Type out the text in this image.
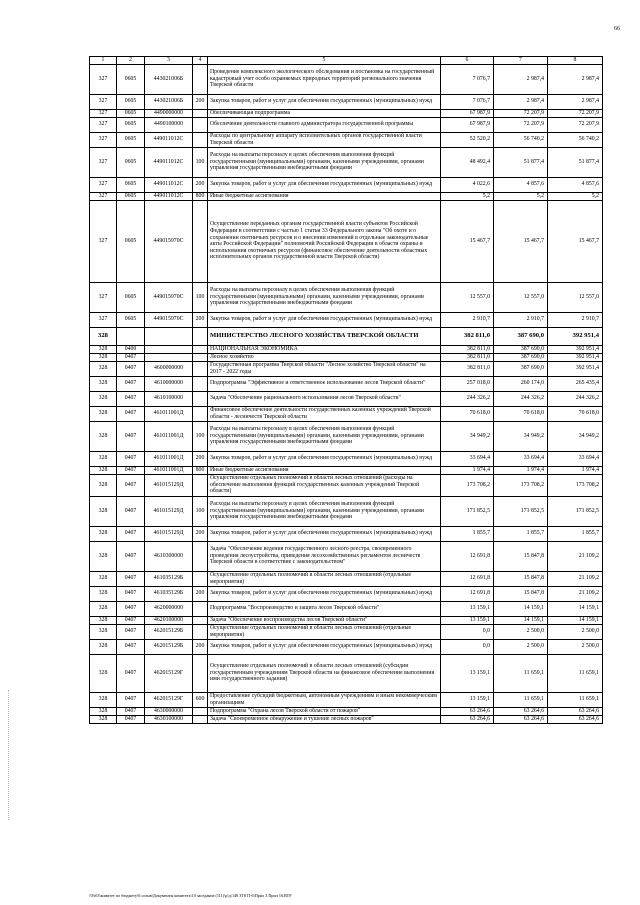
66
1	2	3	4	5	6	7	8
327	0605	443021006Б		Проведение комплексного экологического обследования и постановка на государственный кадастровый учет особо охраняемых природных территорий регионального значения Тверской области	7 076,7	2 987,4	2 987,4
327	0605	443021006Б	200	Закупка товаров, работ и услуг для обеспечения государственных (муниципальных) нужд	7 076,7	2 987,4	2 987,4
327	0605	4490000000		Обеспечивающая подпрограмма	67 987,9	72 207,9	72 207,9
327	0605	4490100000		Обеспечение деятельности главного администратора государственной программы	67 987,9	72 207,9	72 207,9
327	0605	449011012С		Расходы по центральному аппарату исполнительных органов государственной власти Тверской области	52 520,2	56 740,2	56 740,2
327	0605	449011012С	100	Расходы на выплаты персоналу в целях обеспечения выполнения функций государственными (муниципальными) органами, казенными учреждениями, органами управления государственными внебюджетными фондами	48 492,4	51 877,4	51 877,4
327	0605	449011012С	200	Закупка товаров, работ и услуг для обеспечения государственных (муниципальных) нужд	4 022,6	4 857,6	4 857,6
327	0605	449011012С	800	Иные бюджетные ассигнования	5,2	5,2	5,2
327	0605	449015970С		Осуществление переданных органам государственной власти субъектов Российской Федерации в соответствии с частью 1 статьи 33 Федерального закона "Об охоте и о сохранении охотничьих ресурсов и о внесении изменений в отдельные законодательные акты Российской Федерации" полномочий Российской Федерации в области охраны и использования охотничьих ресурсов (финансовое обеспечение деятельности областных исполнительных органов государственной власти Тверской области)	15 467,7	15 467,7	15 467,7
327	0605	449015970С	100	Расходы на выплаты персоналу в целях обеспечения выполнения функций государственными (муниципальными) органами, казенными учреждениями, органами управления государственными внебюджетными фондами	12 557,0	12 557,0	12 557,0
327	0605	449015970С	200	Закупка товаров, работ и услуг для обеспечения государственных (муниципальных) нужд	2 910,7	2 910,7	2 910,7
328				МИНИСТЕРСТВО ЛЕСНОГО ХОЗЯЙСТВА ТВЕРСКОЙ ОБЛАСТИ	382 811,0	387 690,0	392 951,4
328	0400			НАЦИОНАЛЬНАЯ ЭКОНОМИКА	382 811,0	387 690,0	392 951,4
328	0407			Лесное хозяйство	382 811,0	387 690,0	392 951,4
328	0407	4600000000		Государственная программа Тверской области "Лесное хозяйство Тверской области" на 2017 - 2022 годы	382 811,0	387 690,0	392 951,4
328	0407	4610000000		Подпрограмма "Эффективное и ответственное использование лесов Тверской области"	257 018,0	260 174,0	265 435,4
328	0407	4610100000		Задача "Обеспечение рационального использования лесов Тверской области"	244 326,2	244 326,2	244 326,2
328	0407	461011001Д		Финансовое обеспечение деятельности государственных казенных учреждений Тверской области - лесничеств Тверской области	70 618,0	70 618,0	70 618,0
328	0407	461011001Д	100	Расходы на выплаты персоналу в целях обеспечения выполнения функций государственными (муниципальными) органами, казенными учреждениями, органами управления государственными внебюджетными фондами	34 949,2	34 949,2	34 949,2
328	0407	461011001Д	200	Закупка товаров, работ и услуг для обеспечения государственных (муниципальных) нужд	33 694,4	33 694,4	33 694,4
328	0407	461011001Д	800	Иные бюджетные ассигнования	1 974,4	1 974,4	1 974,4
328	0407	461015129Д		Осуществление отдельных полномочий в области лесных отношений (расходы на обеспечение выполнения функций государственных казенных учреждений Тверской области)	173 708,2	173 708,2	173 708,2
328	0407	461015129Д	100	Расходы на выплаты персоналу в целях обеспечения выполнения функций государственными (муниципальными) органами, казенными учреждениями, органами управления государственными внебюджетными фондами	171 852,5	171 852,5	171 852,5
328	0407	461015129Д	200	Закупка товаров, работ и услуг для обеспечения государственных (муниципальных) нужд	1 855,7	1 855,7	1 855,7
328	0407	4610300000		Задача "Обеспечение ведения государственного лесного реестра, своевременного проведения лесоустройства, приведения лесохозяйственных регламентов лесничеств Тверской области в соответствие с законодательством"	12 691,8	15 847,8	21 109,2
328	0407	461035129Б		Осуществление отдельных полномочий в области лесных отношений (отдельные мероприятия)	12 691,8	15 847,8	21 109,2
328	0407	461035129Б	200	Закупка товаров, работ и услуг для обеспечения государственных (муниципальных) нужд	12 691,8	15 847,8	21 109,2
328	0407	4620000000		Подпрограмма "Воспроизводство и защита лесов Тверской области"	13 159,1	14 159,1	14 159,1
328	0407	4620100000		Задача "Обеспечение воспроизводства лесов Тверской области"	13 159,1	14 159,1	14 159,1
328	0407	462015129Б		Осуществление отдельных полномочий в области лесных отношений (отдельные мероприятия)	0,0	2 500,0	2 500,0
328	0407	462015129Б	200	Закупка товаров, работ и услуг для обеспечения государственных (муниципальных) нужд	0,0	2 500,0	2 500,0
328	0407	462015129Г		Осуществление отдельных полномочий в области лесных отношений (субсидии государственным учреждениям Тверской области на финансовое обеспечение выполнения ими государственного задания)	13 159,1	11 659,1	11 659,1
328	0407	462015129Г	600	Предоставление субсидий бюджетным, автономным учреждениям и иным некоммерческим организациям	13 159,1	11 659,1	11 659,1
328	0407	4630000000		Подпрограмма "Охрана лесов Тверской области от пожаров"	63 264,6	63 264,6	63 264,6
328	0407	4630100000		Задача "Своевременное обнаружение и тушение лесных пожаров"	63 264,6	63 264,6	63 264,6
\\Fs03\комитет по бюджету\6 созыв\Документы комитета\10 заседание (111)\p\д\148 ЗТ8 П-6\Прил 3 Прил 16.RTF
